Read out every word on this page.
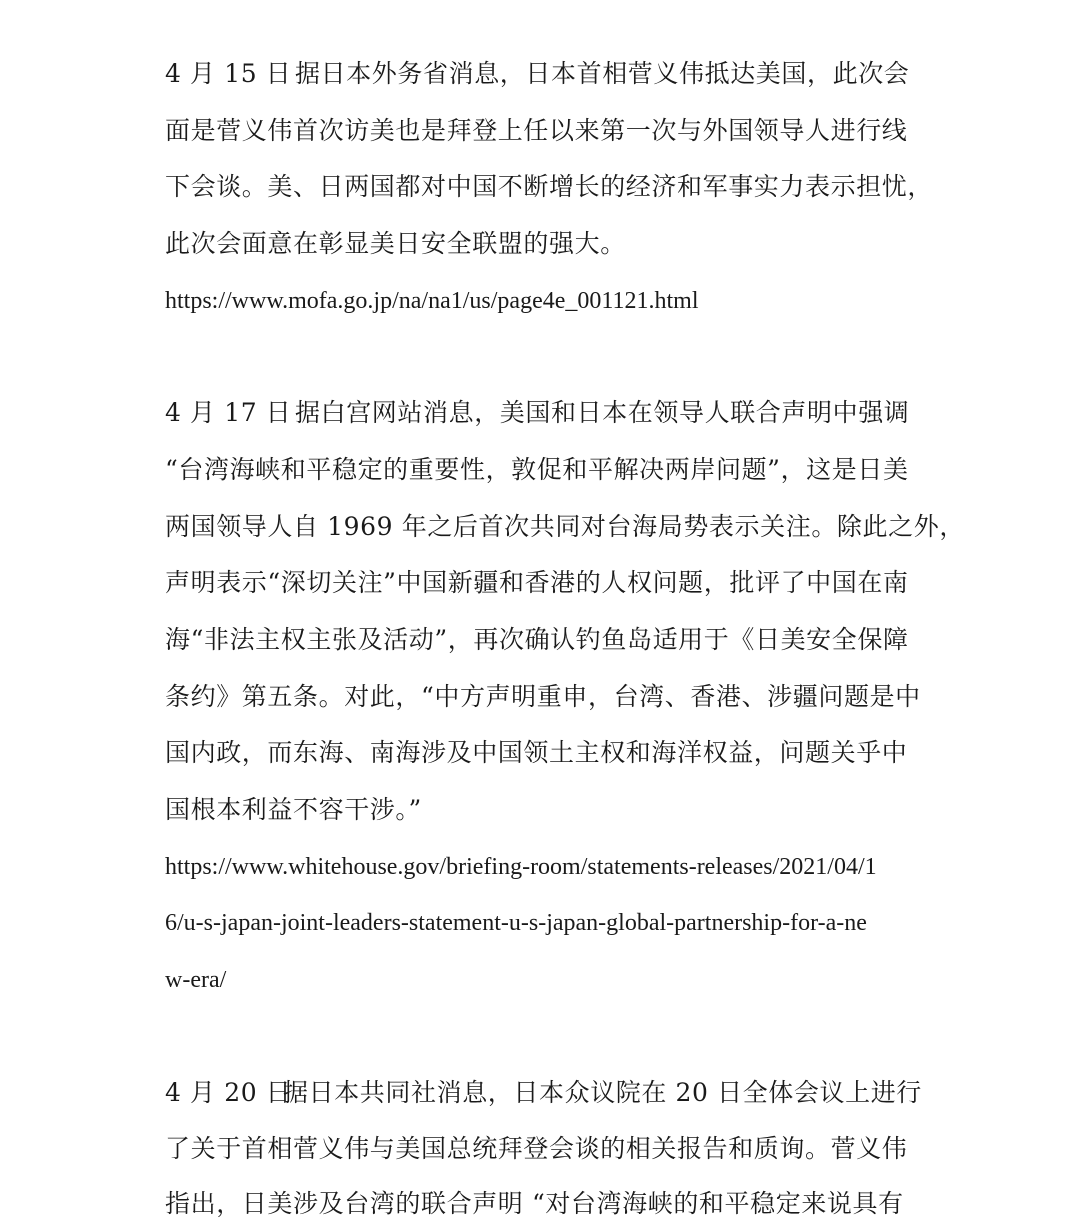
4 月 15 日 据日本外务省消息，日本首相菅义伟抵达美国，此次会
面是菅义伟首次访美也是拜登上任以来第一次与外国领导人进行线
下会谈。美、日两国都对中国不断增长的经济和军事实力表示担忧，
此次会面意在彰显美日安全联盟的强大。
https://www.mofa.go.jp/na/na1/us/page4e_001121.html
4 月 17 日 据白宫网站消息，美国和日本在领导人联合声明中强调
“台湾海峡和平稳定的重要性，敦促和平解决两岸问题”，这是日美
两国领导人自 1969 年之后首次共同对台海局势表示关注。除此之外，
声明表示“深切关注”中国新疆和香港的人权问题，批评了中国在南
海“非法主权主张及活动”，再次确认钓鱼岛适用于《日美安全保障
条约》第五条。对此，“中方声明重申，台湾、香港、涉疆问题是中
国内政，而东海、南海涉及中国领土主权和海洋权益，问题关乎中
国根本利益不容干涉。”
https://www.whitehouse.gov/briefing-room/statements-releases/2021/04/1
6/u-s-japan-joint-leaders-statement-u-s-japan-global-partnership-for-a-ne
w-era/
4 月 20 日据日本共同社消息，日本众议院在 20 日全体会议上进行
了关于首相菅义伟与美国总统拜登会谈的相关报告和质询。菅义伟
指出，日美涉及台湾的联合声明 “对台湾海峡的和平稳定来说具有
